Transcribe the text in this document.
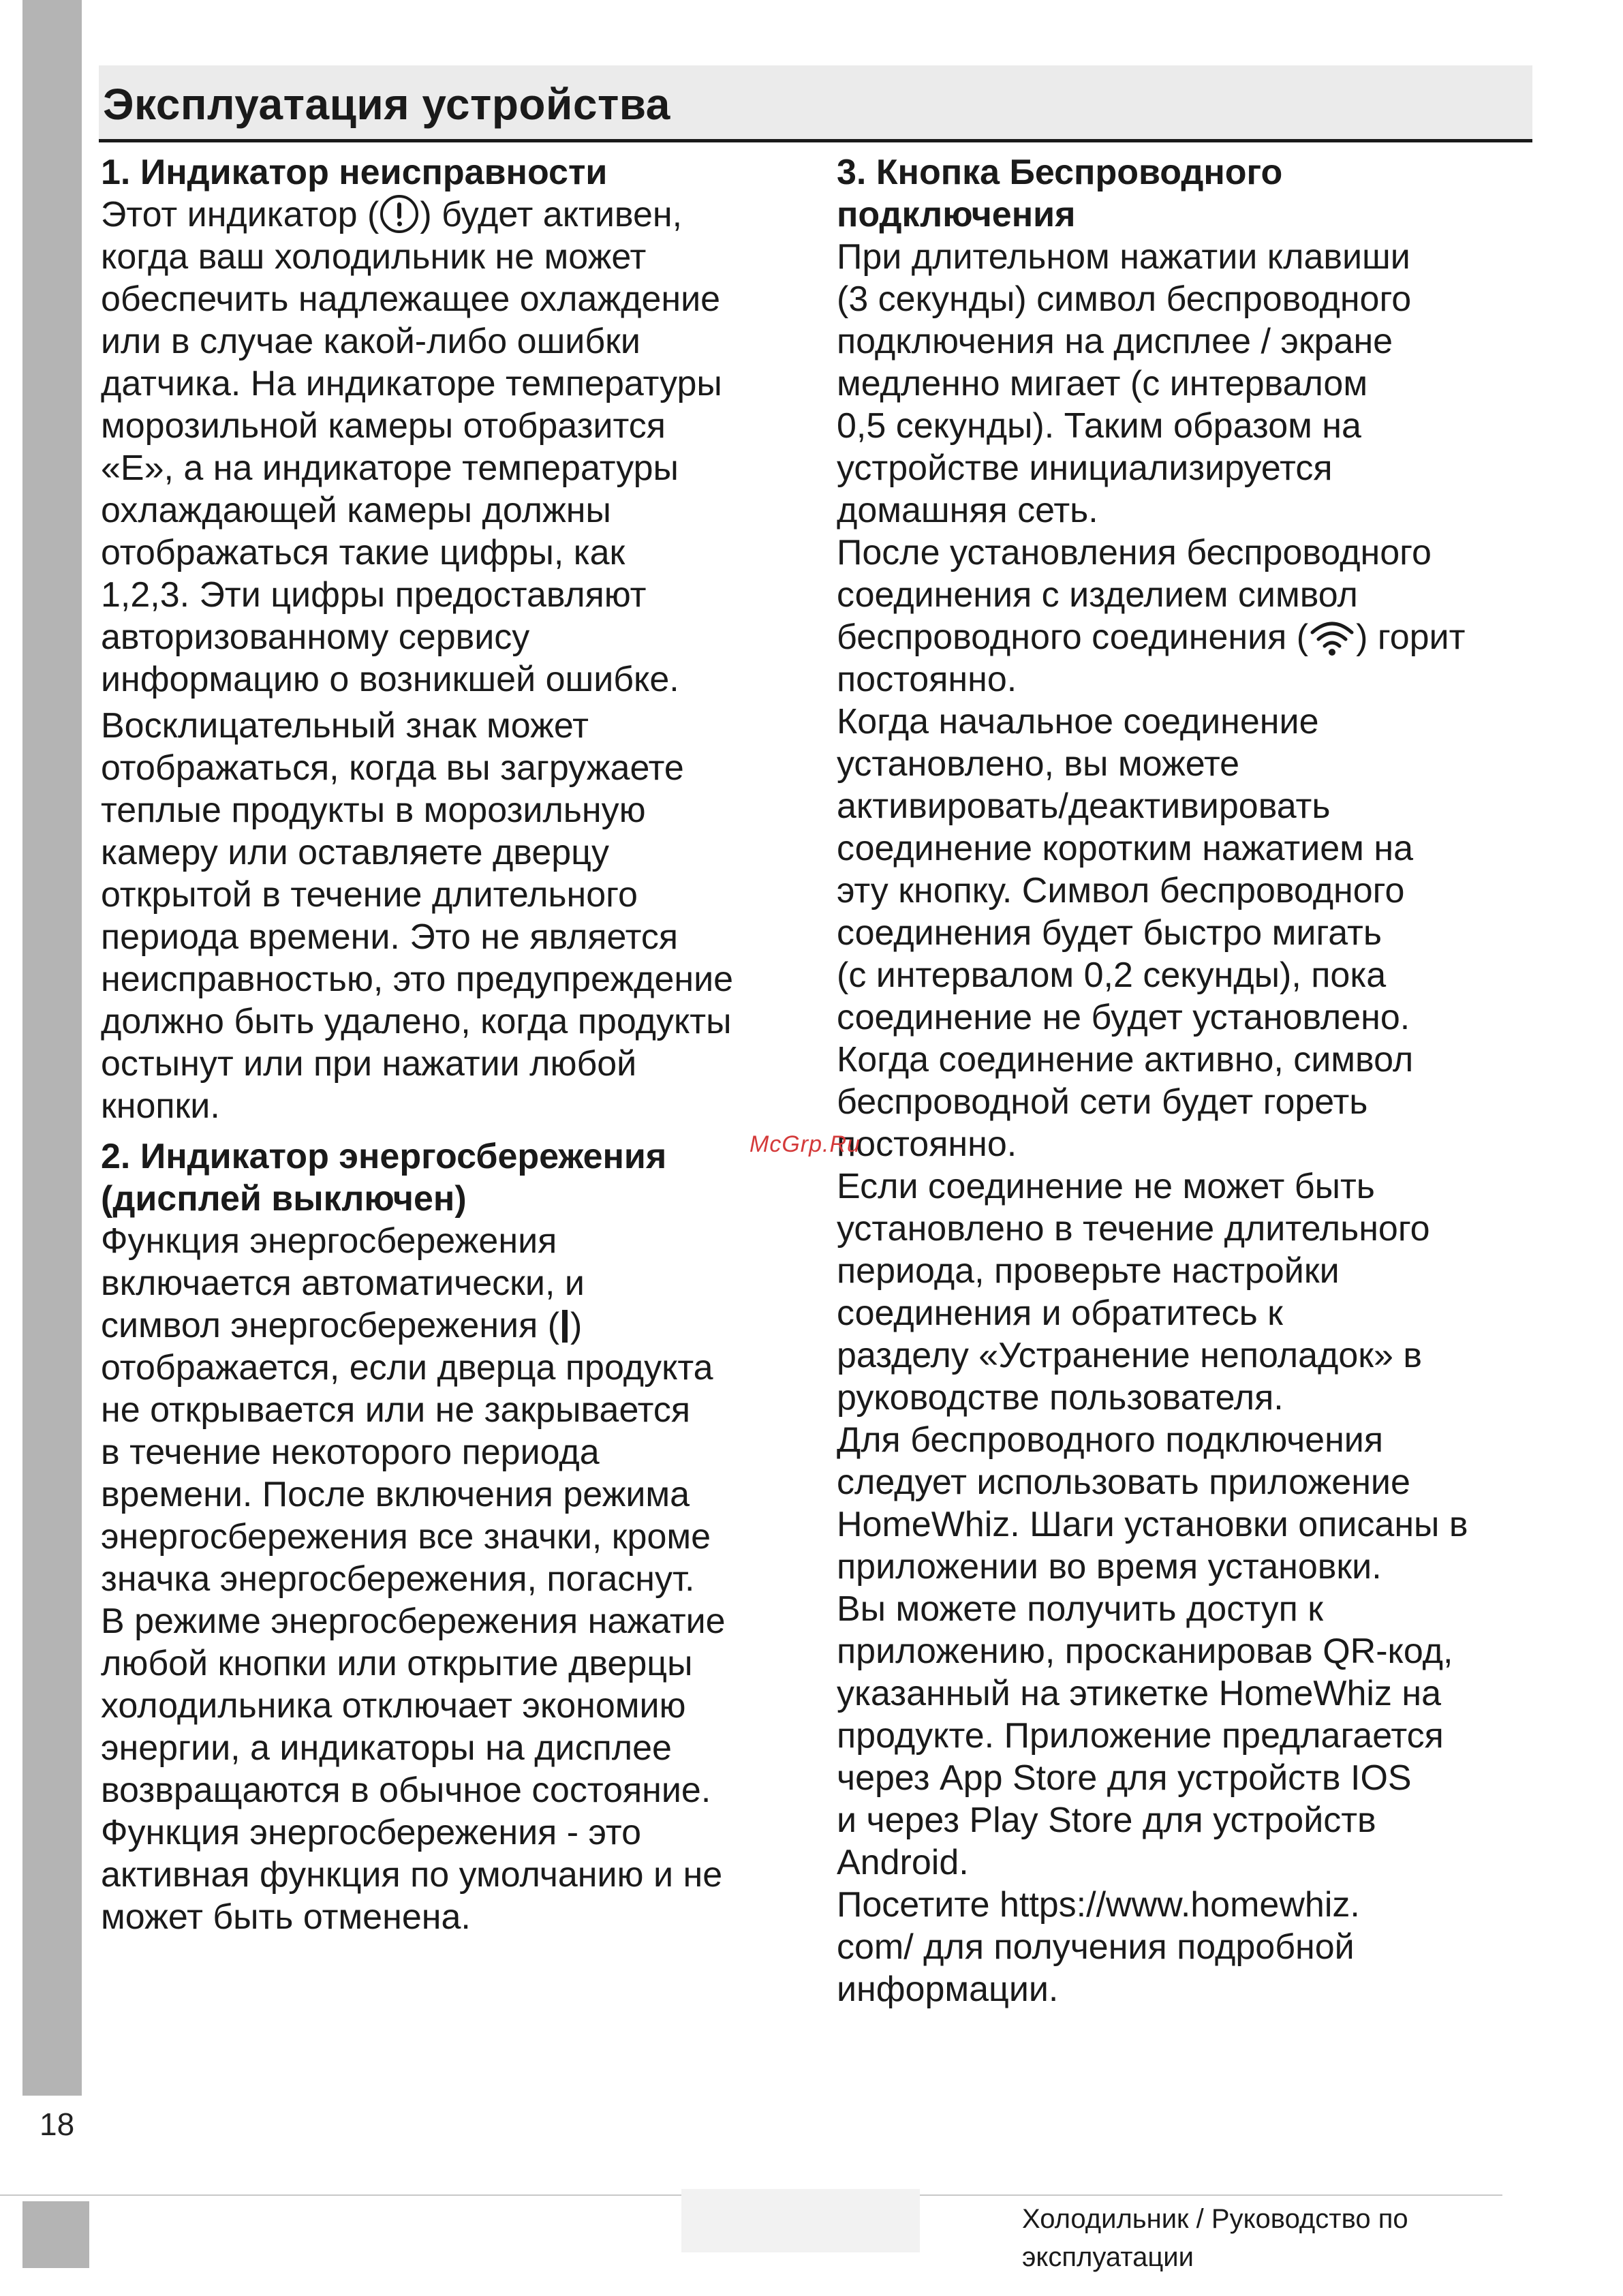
18
Эксплуатация устройства
1. Индикатор неисправности

Этот индикатор ( ) будет активен,
когда ваш холодильник не может
обеспечить надлежащее охлаждение
или в случае какой-либо ошибки
датчика. На индикаторе температуры
морозильной камеры отобразится
«E», а на индикаторе температуры
охлаждающей камеры должны
отображаться такие цифры, как
1,2,3. Эти цифры предоставляют
авторизованному сервису
информацию о возникшей ошибке.

Восклицательный знак может
отображаться, когда вы загружаете
теплые продукты в морозильную
камеру или оставляете дверцу
открытой в течение длительного
периода времени. Это не является
неисправностью, это предупреждение
должно быть удалено, когда продукты
остынут или при нажатии любой
кнопки.

2. Индикатор энергосбережения
(дисплей выключен)

Функция энергосбережения
включается автоматически, и
символ энергосбережения ( )
отображается, если дверца продукта
не открывается или не закрывается
в течение некоторого периода
времени. После включения режима
энергосбережения все значки, кроме
значка энергосбережения, погаснут.
В режиме энергосбережения нажатие
любой кнопки или открытие дверцы
холодильника отключает экономию
энергии, а индикаторы на дисплее
возвращаются в обычное состояние.
Функция энергосбережения - это
активная функция по умолчанию и не
может быть отменена.

3. Кнопка Беспроводного
подключения

При длительном нажатии клавиши
(3 секунды) символ беспроводного
подключения на дисплее / экране
медленно мигает (с интервалом
0,5 секунды). Таким образом на
устройстве инициализируется
домашняя сеть.
После установления беспроводного
соединения с изделием символ
беспроводного соединения ( ) горит
постоянно.
Когда начальное соединение
установлено, вы можете
активировать/деактивировать
соединение коротким нажатием на
эту кнопку. Символ беспроводного
соединения будет быстро мигать
(с интервалом 0,2 секунды), пока
соединение не будет установлено.
Когда соединение активно, символ
беспроводной сети будет гореть
постоянно.
Если соединение не может быть
установлено в течение длительного
периода, проверьте настройки
соединения и обратитесь к
разделу «Устранение неполадок» в
руководстве пользователя.
Для беспроводного подключения
следует использовать приложение
HomeWhiz. Шаги установки описаны в
приложении во время установки.
Вы можете получить доступ к
приложению, просканировав QR-код,
указанный на этикетке HomeWhiz на
продукте. Приложение предлагается
через App Store для устройств IOS
и через Play Store для устройств
Android.
Посетите https://www.homewhiz.
com/ для получения подробной
информации.

McGrp.Ru
Холодильник / Руководство по
эксплуатации
